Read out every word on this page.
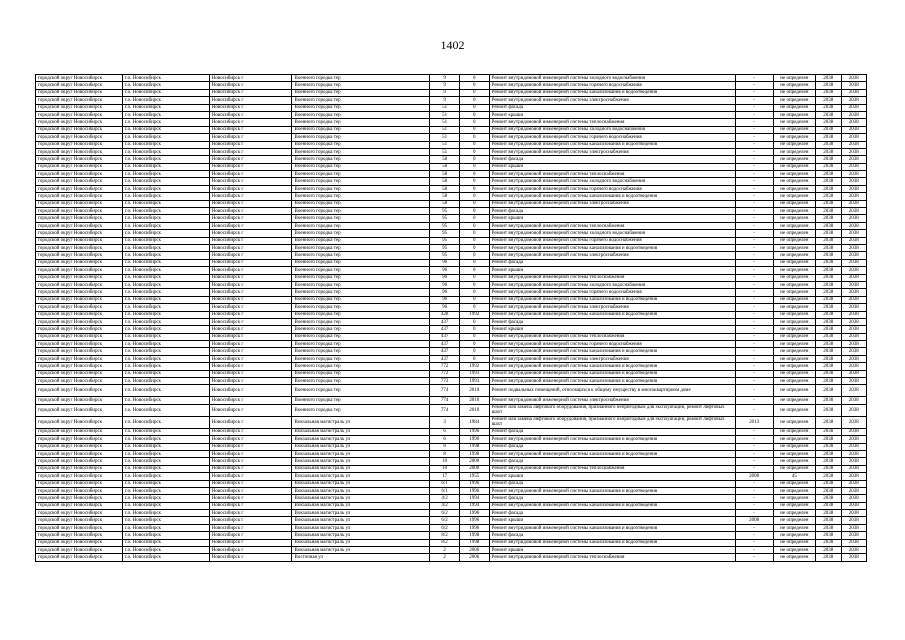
1402
городской округ Новосибирск	г.о. Новосибирск	Новосибирск г	Военного городка тер	9	0	Ремонт внутридомовой инженерной системы холодного водоснабжения	-	не определен	2038	2038
городской округ Новосибирск	г.о. Новосибирск	Новосибирск г	Военного городка тер	9	0	Ремонт внутридомовой инженерной системы горячего водоснабжения	-	не определен	2038	2038
городской округ Новосибирск	г.о. Новосибирск	Новосибирск г	Военного городка тер	9	0	Ремонт внутридомовой инженерной системы канализования и водоотведения	-	не определен	2038	2038
городской округ Новосибирск	г.о. Новосибирск	Новосибирск г	Военного городка тер	9	0	Ремонт внутридомовой инженерной системы электроснабжения	-	не определен	2038	2038
городской округ Новосибирск	г.о. Новосибирск	Новосибирск г	Военного городка тер	51	0	Ремонт фасада	-	не определен	2038	2038
городской округ Новосибирск	г.о. Новосибирск	Новосибирск г	Военного городка тер	51	0	Ремонт крыши	-	не определен	2038	2038
городской округ Новосибирск	г.о. Новосибирск	Новосибирск г	Военного городка тер	51	0	Ремонт внутридомовой инженерной системы теплоснабжения	-	не определен	2038	2038
городской округ Новосибирск	г.о. Новосибирск	Новосибирск г	Военного городка тер	51	0	Ремонт внутридомовой инженерной системы холодного водоснабжения	-	не определен	2038	2038
городской округ Новосибирск	г.о. Новосибирск	Новосибирск г	Военного городка тер	51	0	Ремонт внутридомовой инженерной системы горячего водоснабжения	-	не определен	2038	2038
городской округ Новосибирск	г.о. Новосибирск	Новосибирск г	Военного городка тер	51	0	Ремонт внутридомовой инженерной системы канализования и водоотведения	-	не определен	2038	2038
городской округ Новосибирск	г.о. Новосибирск	Новосибирск г	Военного городка тер	51	0	Ремонт внутридомовой инженерной системы электроснабжения	-	не определен	2038	2038
городской округ Новосибирск	г.о. Новосибирск	Новосибирск г	Военного городка тер	58	0	Ремонт фасада	-	не определен	2038	2038
городской округ Новосибирск	г.о. Новосибирск	Новосибирск г	Военного городка тер	58	0	Ремонт крыши	-	не определен	2038	2038
городской округ Новосибирск	г.о. Новосибирск	Новосибирск г	Военного городка тер	58	0	Ремонт внутридомовой инженерной системы теплоснабжения	-	не определен	2038	2038
городской округ Новосибирск	г.о. Новосибирск	Новосибирск г	Военного городка тер	58	0	Ремонт внутридомовой инженерной системы холодного водоснабжения	-	не определен	2038	2038
городской округ Новосибирск	г.о. Новосибирск	Новосибирск г	Военного городка тер	58	0	Ремонт внутридомовой инженерной системы горячего водоснабжения	-	не определен	2038	2038
городской округ Новосибирск	г.о. Новосибирск	Новосибирск г	Военного городка тер	58	0	Ремонт внутридомовой инженерной системы канализования и водоотведения	-	не определен	2038	2038
городской округ Новосибирск	г.о. Новосибирск	Новосибирск г	Военного городка тер	58	0	Ремонт внутридомовой инженерной системы электроснабжения	-	не определен	2038	2038
городской округ Новосибирск	г.о. Новосибирск	Новосибирск г	Военного городка тер	95	0	Ремонт фасада	-	не определен	2038	2038
городской округ Новосибирск	г.о. Новосибирск	Новосибирск г	Военного городка тер	95	0	Ремонт крыши	-	не определен	2038	2038
городской округ Новосибирск	г.о. Новосибирск	Новосибирск г	Военного городка тер	95	0	Ремонт внутридомовой инженерной системы теплоснабжения	-	не определен	2038	2038
городской округ Новосибирск	г.о. Новосибирск	Новосибирск г	Военного городка тер	95	0	Ремонт внутридомовой инженерной системы холодного водоснабжения	-	не определен	2038	2038
городской округ Новосибирск	г.о. Новосибирск	Новосибирск г	Военного городка тер	95	0	Ремонт внутридомовой инженерной системы горячего водоснабжения	-	не определен	2038	2038
городской округ Новосибирск	г.о. Новосибирск	Новосибирск г	Военного городка тер	95	0	Ремонт внутридомовой инженерной системы канализования и водоотведения	-	не определен	2038	2038
городской округ Новосибирск	г.о. Новосибирск	Новосибирск г	Военного городка тер	95	0	Ремонт внутридомовой инженерной системы электроснабжения	-	не определен	2038	2038
городской округ Новосибирск	г.о. Новосибирск	Новосибирск г	Военного городка тер	96	0	Ремонт фасада	-	не определен	2038	2038
городской округ Новосибирск	г.о. Новосибирск	Новосибирск г	Военного городка тер	96	0	Ремонт крыши	-	не определен	2038	2038
городской округ Новосибирск	г.о. Новосибирск	Новосибирск г	Военного городка тер	96	0	Ремонт внутридомовой инженерной системы теплоснабжения	-	не определен	2038	2038
городской округ Новосибирск	г.о. Новосибирск	Новосибирск г	Военного городка тер	96	0	Ремонт внутридомовой инженерной системы холодного водоснабжения	-	не определен	2038	2038
городской округ Новосибирск	г.о. Новосибирск	Новосибирск г	Военного городка тер	96	0	Ремонт внутридомовой инженерной системы горячего водоснабжения	-	не определен	2038	2038
городской округ Новосибирск	г.о. Новосибирск	Новосибирск г	Военного городка тер	96	0	Ремонт внутридомовой инженерной системы канализования и водоотведения	-	не определен	2038	2038
городской округ Новосибирск	г.о. Новосибирск	Новосибирск г	Военного городка тер	96	0	Ремонт внутридомовой инженерной системы электроснабжения	-	не определен	2038	2038
городской округ Новосибирск	г.о. Новосибирск	Новосибирск г	Военного городка тер	428	1992	Ремонт внутридомовой инженерной системы канализования и водоотведения	-	не определен	2038	2038
городской округ Новосибирск	г.о. Новосибирск	Новосибирск г	Военного городка тер	437	0	Ремонт фасада	-	не определен	2038	2038
городской округ Новосибирск	г.о. Новосибирск	Новосибирск г	Военного городка тер	437	0	Ремонт крыши	-	не определен	2038	2038
городской округ Новосибирск	г.о. Новосибирск	Новосибирск г	Военного городка тер	437	0	Ремонт внутридомовой инженерной системы теплоснабжения	-	не определен	2038	2038
городской округ Новосибирск	г.о. Новосибирск	Новосибирск г	Военного городка тер	437	0	Ремонт внутридомовой инженерной системы горячего водоснабжения	-	не определен	2038	2038
городской округ Новосибирск	г.о. Новосибирск	Новосибирск г	Военного городка тер	437	0	Ремонт внутридомовой инженерной системы канализования и водоотведения	-	не определен	2038	2038
городской округ Новосибирск	г.о. Новосибирск	Новосибирск г	Военного городка тер	437	0	Ремонт внутридомовой инженерной системы электроснабжения	-	не определен	2038	2038
городской округ Новосибирск	г.о. Новосибирск	Новосибирск г	Военного городка тер	772	1992	Ремонт внутридомовой инженерной системы канализования и водоотведения	-	не определен	2038	2038
городской округ Новосибирск	г.о. Новосибирск	Новосибирск г	Военного городка тер	772	1993	Ремонт внутридомовой инженерной системы канализования и водоотведения	-	не определен	2038	2038
городской округ Новосибирск	г.о. Новосибирск	Новосибирск г	Военного городка тер	773	1993	Ремонт внутридомовой инженерной системы канализования и водоотведения	-	не определен	2038	2038
городской округ Новосибирск	г.о. Новосибирск	Новосибирск г	Военного городка тер	774	2010	Ремонт подвальных помещений, относящихся к общему имуществу в многоквартирном доме	-	не определен	2038	2038
городской округ Новосибирск	г.о. Новосибирск	Новосибирск г	Военного городка тер	774	2010	Ремонт внутридомовой инженерной системы электроснабжения	-	не определен	2038	2038
городской округ Новосибирск	г.о. Новосибирск	Новосибирск г	Военного городка тер	774	2010	Ремонт или замена лифтового оборудования, признанного непригодным для эксплуатации, ремонт лифтовых шахт	-	не определен	2038	2038
городской округ Новосибирск	г.о. Новосибирск	Новосибирск г	Вокзальная магистраль ул	3	1984	Ремонт или замена лифтового оборудования, признанного непригодным для эксплуатации, ремонт лифтовых шахт	2013	не определен	2038	2038
городской округ Новосибирск	г.о. Новосибирск	Новосибирск г	Вокзальная магистраль ул	6	1996	Ремонт фасада	-	не определен	2038	2038
городской округ Новосибирск	г.о. Новосибирск	Новосибирск г	Вокзальная магистраль ул	6	1996	Ремонт внутридомовой инженерной системы канализования и водоотведения	-	не определен	2038	2038
городской округ Новосибирск	г.о. Новосибирск	Новосибирск г	Вокзальная магистраль ул	8	1998	Ремонт фасада	-	не определен	2038	2038
городской округ Новосибирск	г.о. Новосибирск	Новосибирск г	Вокзальная магистраль ул	8	1998	Ремонт внутридомовой инженерной системы канализования и водоотведения	-	не определен	2038	2038
городской округ Новосибирск	г.о. Новосибирск	Новосибирск г	Вокзальная магистраль ул	10	2000	Ремонт фасада	-	не определен	2038	2038
городской округ Новосибирск	г.о. Новосибирск	Новосибирск г	Вокзальная магистраль ул	10	2000	Ремонт внутридомовой инженерной системы теплоснабжения	-	не определен	2038	2038
городской округ Новосибирск	г.о. Новосибирск	Новосибирск г	Вокзальная магистраль ул	17	1955	Ремонт крыши	2008	45	2038	2038
городской округ Новосибирск	г.о. Новосибирск	Новосибирск г	Вокзальная магистраль ул	6/1	1996	Ремонт фасада	-	не определен	2038	2038
городской округ Новосибирск	г.о. Новосибирск	Новосибирск г	Вокзальная магистраль ул	6/1	1996	Ремонт внутридомовой инженерной системы канализования и водоотведения	-	не определен	2038	2038
городской округ Новосибирск	г.о. Новосибирск	Новосибирск г	Вокзальная магистраль ул	4/2	1994	Ремонт фасада	-	не определен	2038	2038
городской округ Новосибирск	г.о. Новосибирск	Новосибирск г	Вокзальная магистраль ул	4/2	1994	Ремонт внутридомовой инженерной системы канализования и водоотведения	-	не определен	2038	2038
городской округ Новосибирск	г.о. Новосибирск	Новосибирск г	Вокзальная магистраль ул	6/2	1996	Ремонт фасада	-	не определен	2038	2038
городской округ Новосибирск	г.о. Новосибирск	Новосибирск г	Вокзальная магистраль ул	6/2	1996	Ремонт крыши	2008	не определен	2038	2038
городской округ Новосибирск	г.о. Новосибирск	Новосибирск г	Вокзальная магистраль ул	6/2	1996	Ремонт внутридомовой инженерной системы канализования и водоотведения	-	не определен	2038	2038
городской округ Новосибирск	г.о. Новосибирск	Новосибирск г	Вокзальная магистраль ул	8/2	1998	Ремонт фасада	-	не определен	2038	2038
городской округ Новосибирск	г.о. Новосибирск	Новосибирск г	Вокзальная магистраль ул	8/2	1998	Ремонт внутридомовой инженерной системы канализования и водоотведения	-	не определен	2038	2038
городской округ Новосибирск	г.о. Новосибирск	Новосибирск г	Вокзальная магистраль ул	2	2006	Ремонт крыши	-	не определен	2038	2038
городской округ Новосибирск	г.о. Новосибирск	Новосибирск г	Восточная ул	2	2006	Ремонт внутридомовой инженерной системы теплоснабжения	-	не определен	2038	2038
